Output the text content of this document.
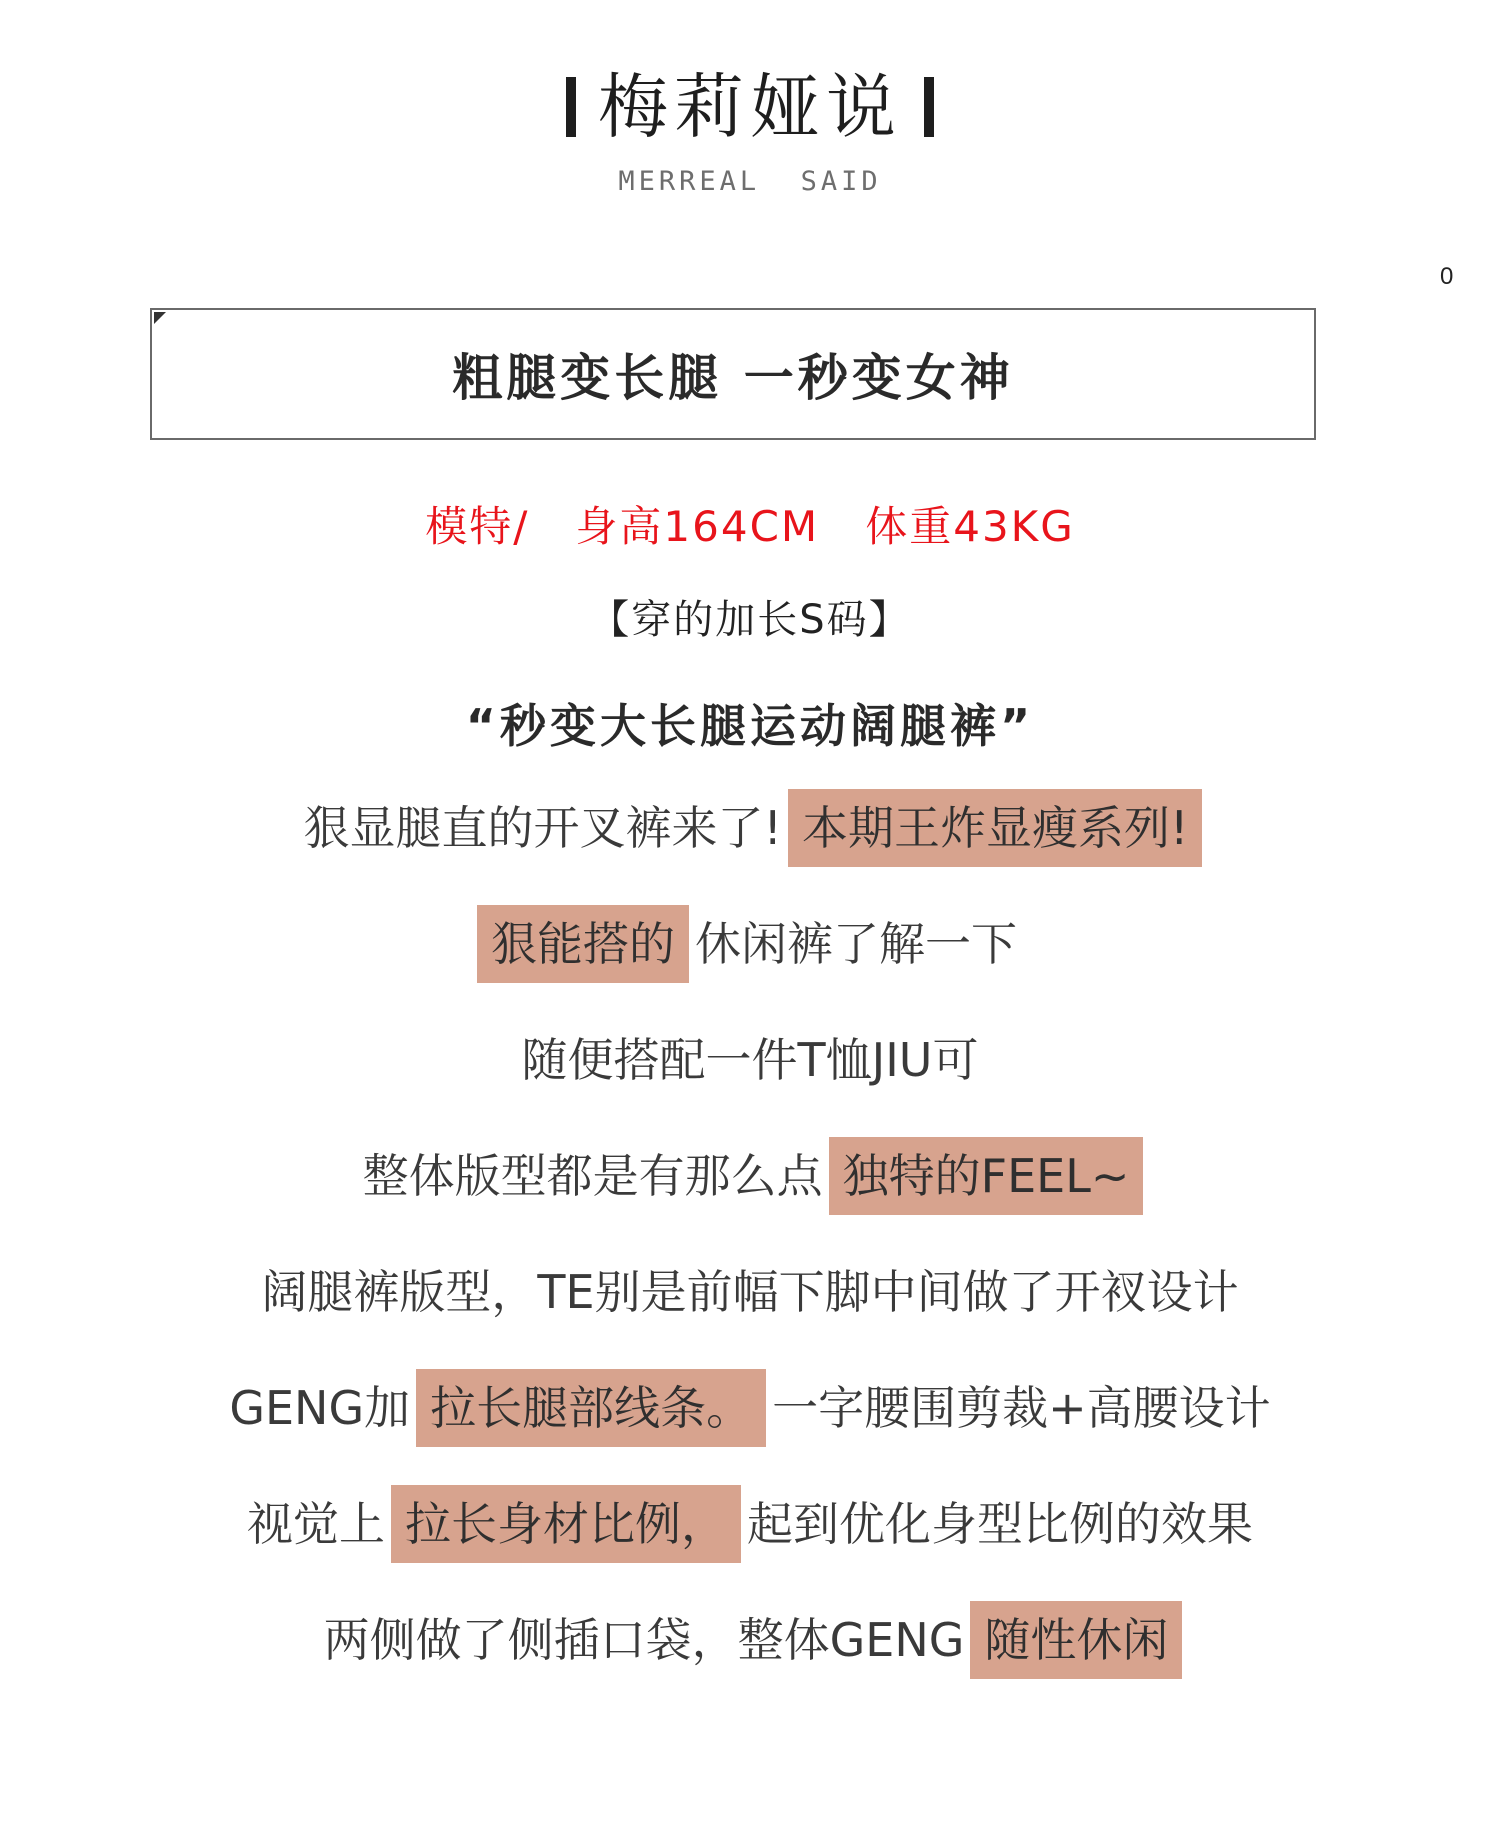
梅莉娅说
MERREAL  SAID
0
粗腿变长腿 一秒变女神
模特/   身高164CM   体重43KG
【穿的加长S码】
“秒变大长腿运动阔腿裤”
狠显腿直的开叉裤来了! 本期王炸显瘦系列!
狠能搭的 休闲裤了解一下
随便搭配一件T恤JIU可
整体版型都是有那么点 独特的FEEL~
阔腿裤版型，TE别是前幅下脚中间做了开衩设计
GENG加 拉长腿部线条。 一字腰围剪裁+高腰设计
视觉上 拉长身材比例， 起到优化身型比例的效果
两侧做了侧插口袋，整体GENG 随性休闲
